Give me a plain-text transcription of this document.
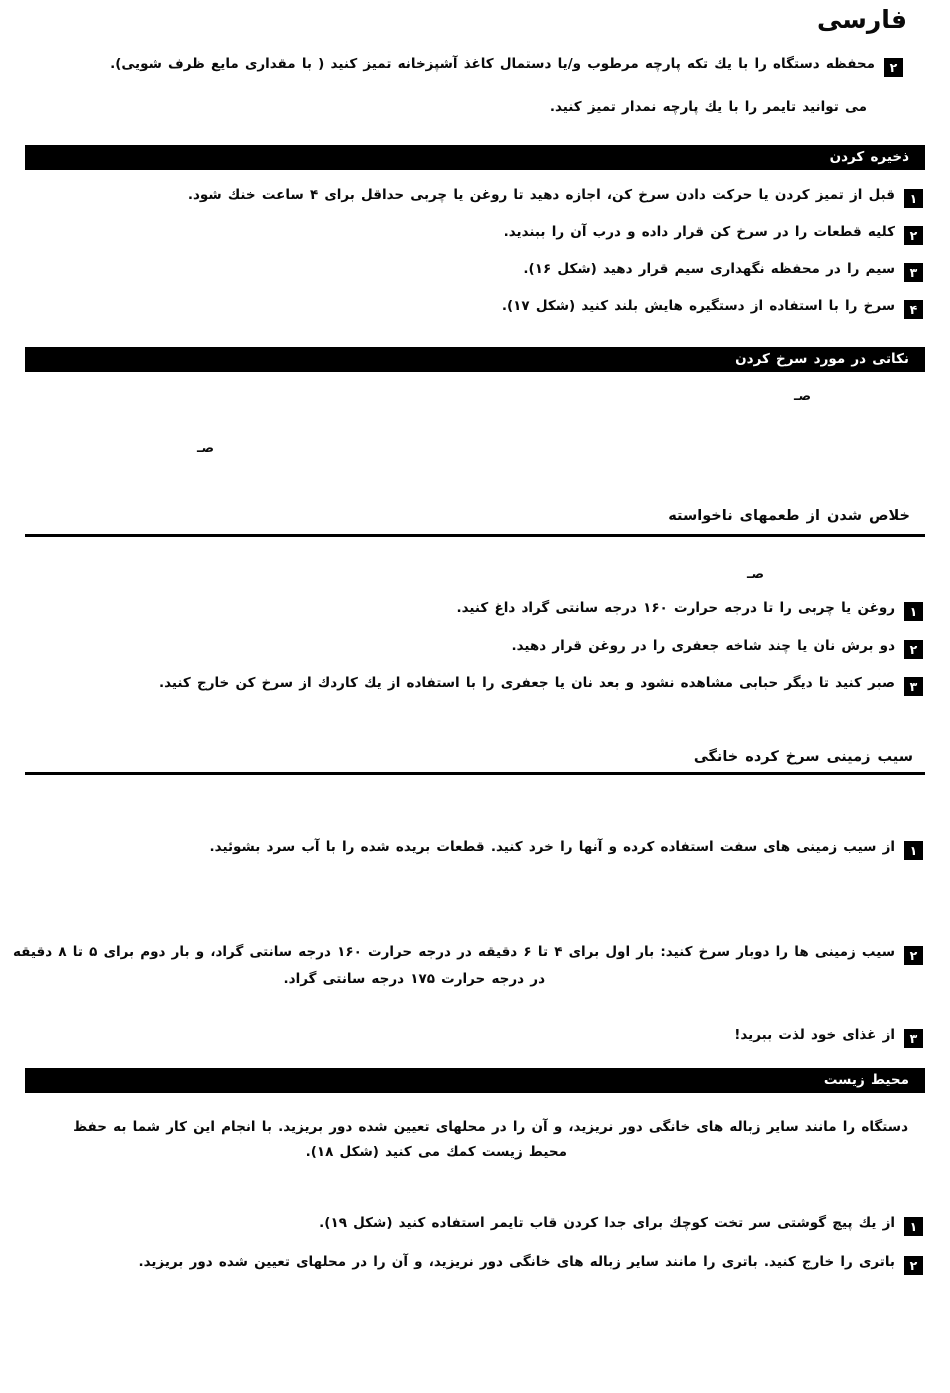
فارسی
۲محفظه دستگاه را با یك تكه پارچه مرطوب و/یا دستمال كاغذ آشپزخانه تمیز كنید ( با مقداری مایع ظرف شویی).
می توانید تایمر را با یك پارچه نمدار تمیز كنید.
ذخیره كردن
۱قبل از تمیز كردن یا حركت دادن سرخ كن، اجازه دهید تا روغن یا چربی حداقل برای ۴ ساعت خنك شود.
۲كلیه قطعات را در سرخ كن قرار داده و درب آن را ببندید.
۳سیم را در محفظه نگهداری سیم قرار دهید (شكل ۱۶).
۴سرخ را با استفاده از دستگیره هایش بلند كنید (شكل ۱۷).
نكاتی در مورد سرخ كردن
صـ
صـ
خلاص شدن از طعمهای ناخواسته
صـ
۱روغن یا چربی را تا درجه حرارت ۱۶۰ درجه سانتی گراد داغ كنید.
۲دو برش نان یا چند شاخه جعفری را در روغن قرار دهید.
۳صبر كنید تا دیگر حبابی مشاهده نشود و بعد نان یا جعفری را با استفاده از یك كاردك از سرخ كن خارج كنید.
سیب زمینی سرخ كرده خانگی
۱از سیب زمینی های سفت استفاده كرده و آنها را خرد كنید. قطعات بریده شده را با آب سرد بشوئید.
۲سیب زمینی ها را دوبار سرخ كنید: بار اول برای ۴ تا ۶ دقیقه در درجه حرارت ۱۶۰ درجه سانتی گراد، و بار دوم برای ۵ تا ۸ دقیقه
در درجه حرارت ۱۷۵ درجه سانتی گراد.
۳از غذای خود لذت ببرید!
محیط زیست
دستگاه را مانند سایر زباله های خانگی دور نریزید، و آن را در محلهای تعیین شده دور بریزید. با انجام این كار شما به حفظ
محیط زیست كمك می كنید (شكل ۱۸).
۱از یك پیچ گوشتی سر تخت كوچك برای جدا كردن قاب تایمر استفاده كنید (شكل ۱۹).
۲باتری را خارج كنید. باتری را مانند سایر زباله های خانگی دور نریزید، و آن را در محلهای تعیین شده دور بریزید.
